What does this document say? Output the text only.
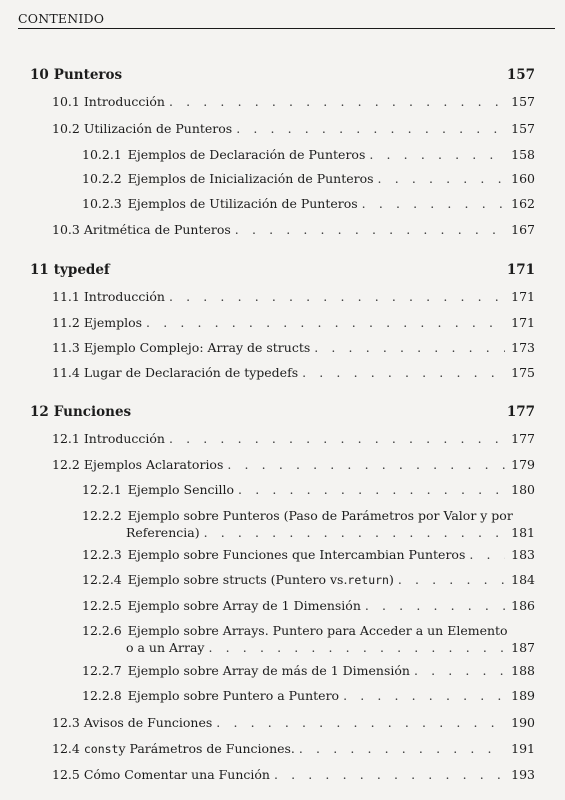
CONTENIDO
10 Punteros	157
10.1 Introducción . . .	157
10.2 Utilización de Punteros . . .	157
10.2.1 Ejemplos de Declaración de Punteros . . .	158
10.2.2 Ejemplos de Inicialización de Punteros . . .	160
10.2.3 Ejemplos de Utilización de Punteros . . .	162
10.3 Aritmética de Punteros . . .	167
11 typedef	171
11.1 Introducción . . .	171
11.2 Ejemplos . . .	171
11.3 Ejemplo Complejo: Array de structs . . .	173
11.4 Lugar de Declaración de typedefs . . .	175
12 Funciones	177
12.1 Introducción . . .	177
12.2 Ejemplos Aclaratorios . . .	179
12.2.1 Ejemplo Sencillo . . .	180
12.2.2 Ejemplo sobre Punteros (Paso de Parámetros por Valor y por
Referencia) . . .	181
12.2.3 Ejemplo sobre Funciones que Intercambian Punteros . . .	183
12.2.4 Ejemplo sobre structs (Puntero vs. return ) . . .	184
12.2.5 Ejemplo sobre Array de 1 Dimensión . . .	186
12.2.6 Ejemplo sobre Arrays. Puntero para Acceder a un Elemento
o a un Array . . .	187
12.2.7 Ejemplo sobre Array de más de 1 Dimensión . . .	188
12.2.8 Ejemplo sobre Puntero a Puntero . . .	189
12.3 Avisos de Funciones . . .	190
12.4 const y Parámetros de Funciones. . . .	191
12.5 Cómo Comentar una Función . . .	193
